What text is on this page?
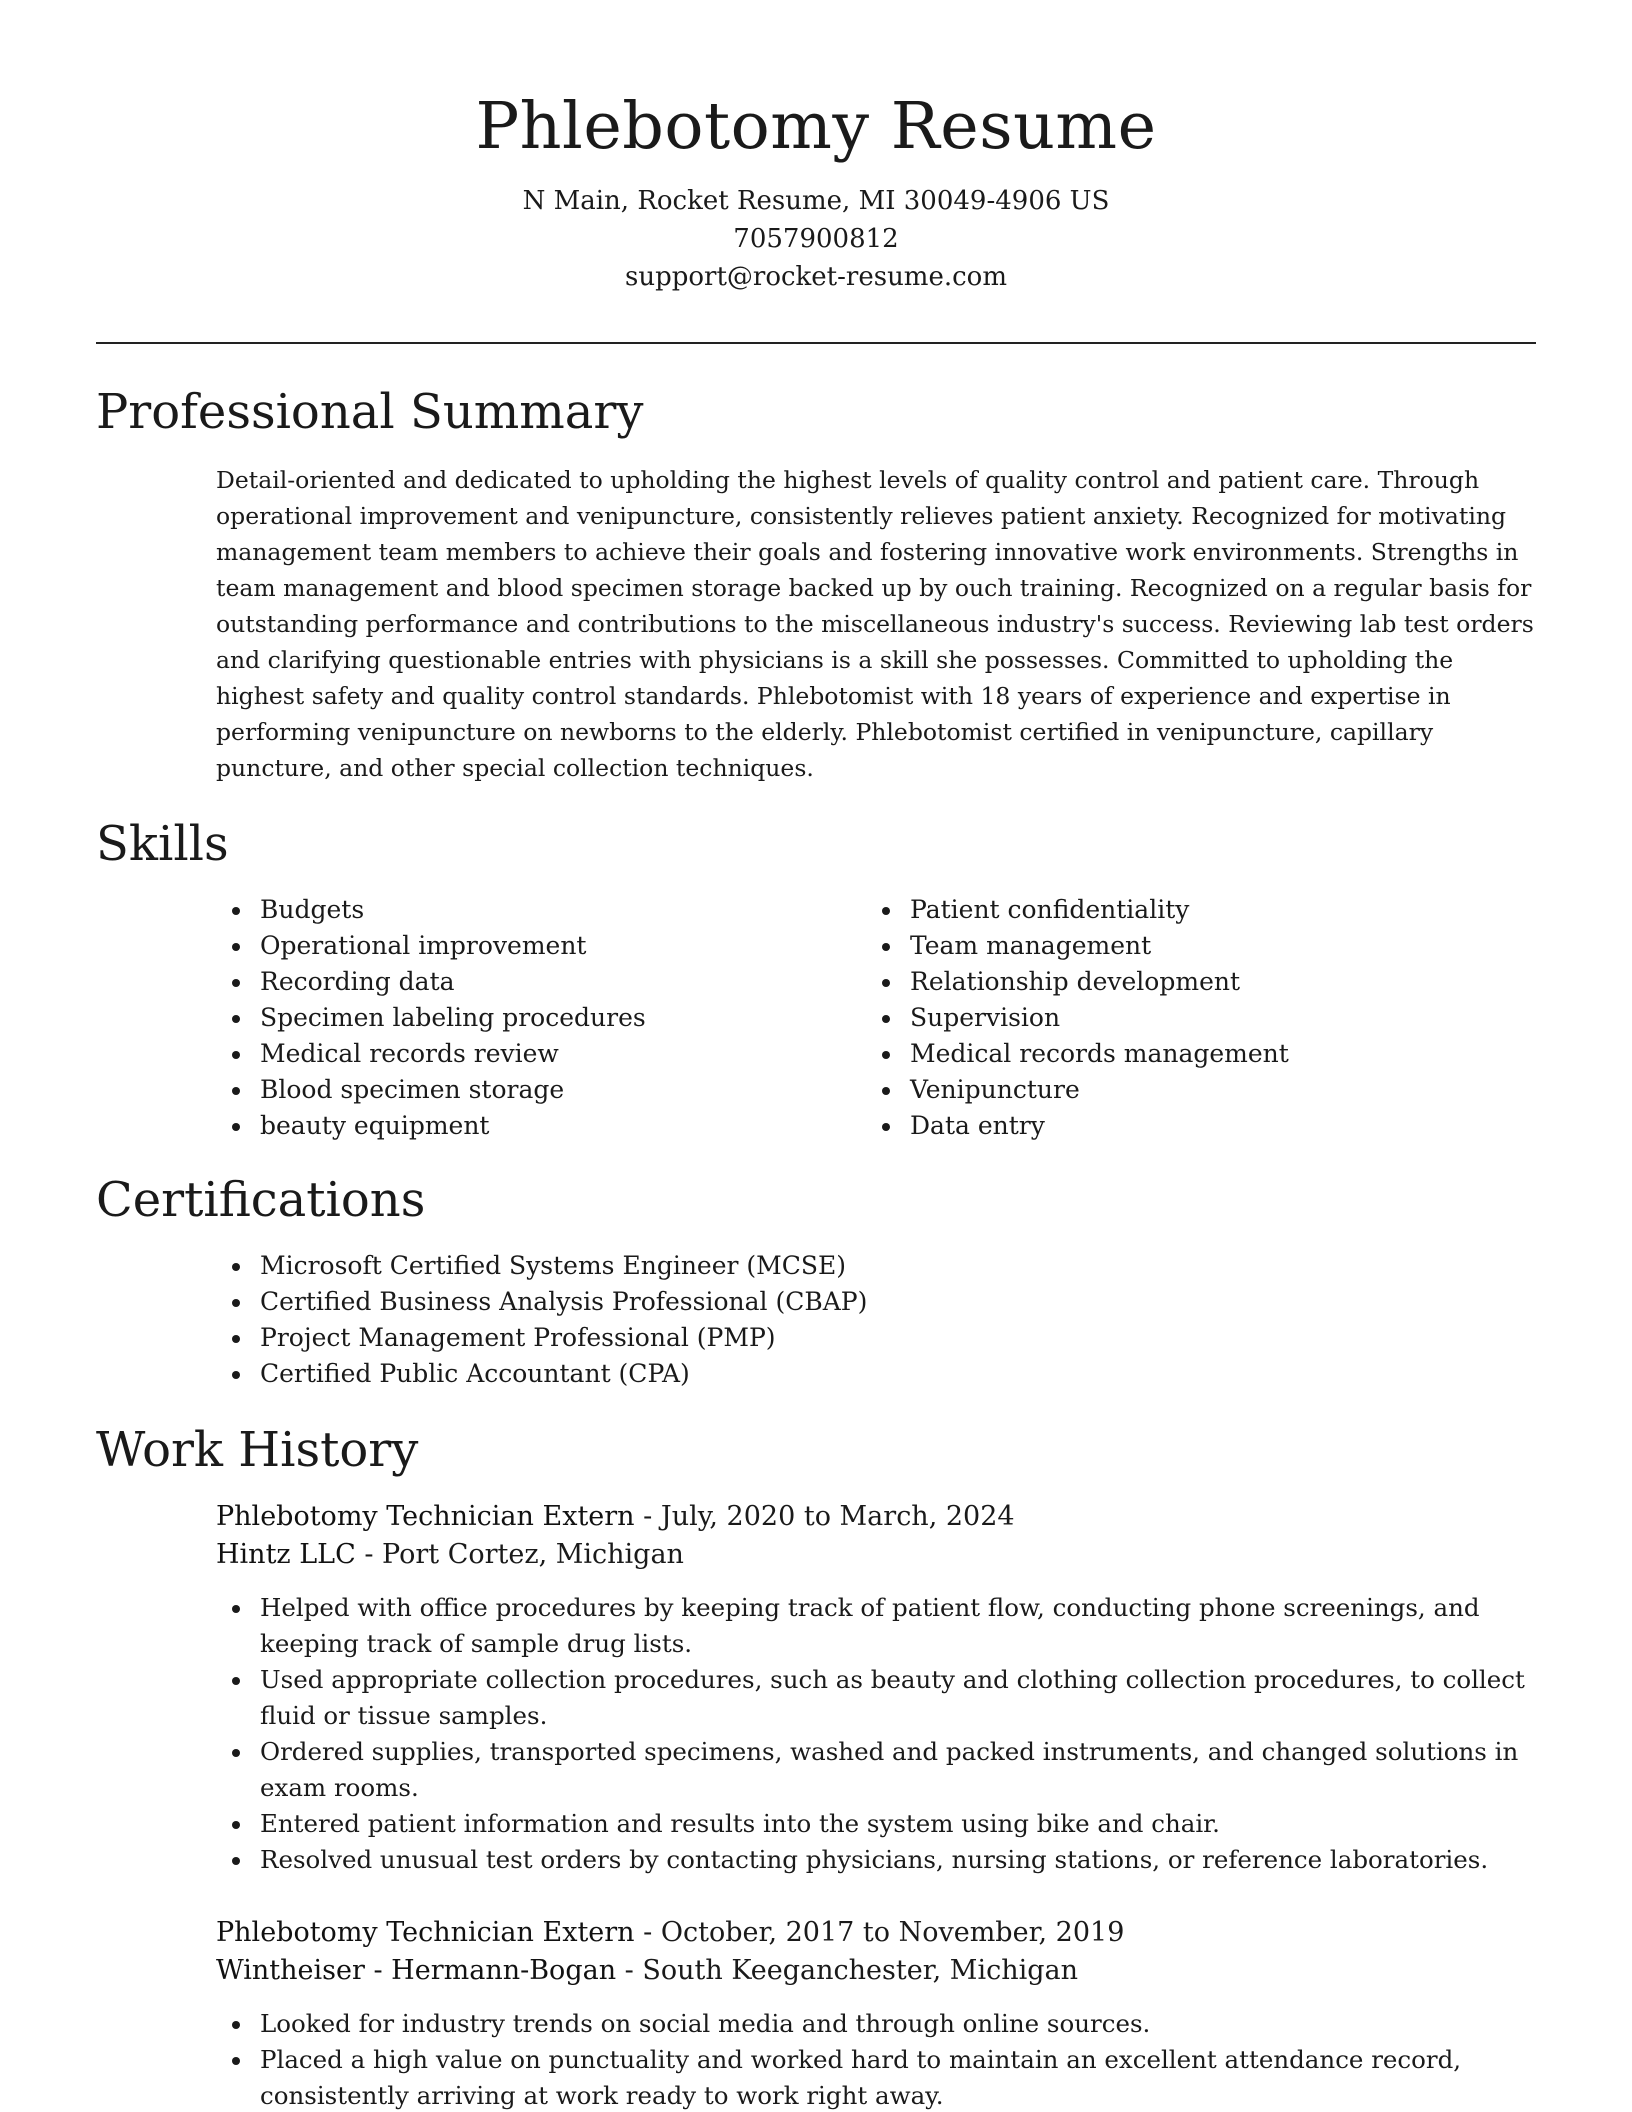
Phlebotomy Resume
N Main, Rocket Resume, MI 30049-4906 US
7057900812
support@rocket-resume.com
Professional Summary

Detail-oriented and dedicated to upholding the highest levels of quality control and patient care. Through operational improvement and venipuncture, consistently relieves patient anxiety. Recognized for motivating management team members to achieve their goals and fostering innovative work environments. Strengths in team management and blood specimen storage backed up by ouch training. Recognized on a regular basis for outstanding performance and contributions to the miscellaneous industry's success. Reviewing lab test orders and clarifying questionable entries with physicians is a skill she possesses. Committed to upholding the highest safety and quality control standards. Phlebotomist with 18 years of experience and expertise in performing venipuncture on newborns to the elderly. Phlebotomist certified in venipuncture, capillary puncture, and other special collection techniques.

Skills
Budgets
Operational improvement
Recording data
Specimen labeling procedures
Medical records review
Blood specimen storage
beauty equipment
Patient confidentiality
Team management
Relationship development
Supervision
Medical records management
Venipuncture
Data entry
Certifications
Microsoft Certified Systems Engineer (MCSE)
Certified Business Analysis Professional (CBAP)
Project Management Professional (PMP)
Certified Public Accountant (CPA)
Work History
Phlebotomy Technician Extern - July, 2020 to March, 2024
Hintz LLC - Port Cortez, Michigan
Helped with office procedures by keeping track of patient flow, conducting phone screenings, and keeping track of sample drug lists.
Used appropriate collection procedures, such as beauty and clothing collection procedures, to collect fluid or tissue samples.
Ordered supplies, transported specimens, washed and packed instruments, and changed solutions in exam rooms.
Entered patient information and results into the system using bike and chair.
Resolved unusual test orders by contacting physicians, nursing stations, or reference laboratories.
Phlebotomy Technician Extern - October, 2017 to November, 2019
Wintheiser - Hermann-Bogan - South Keeganchester, Michigan
Looked for industry trends on social media and through online sources.
Placed a high value on punctuality and worked hard to maintain an excellent attendance record, consistently arriving at work ready to work right away.
